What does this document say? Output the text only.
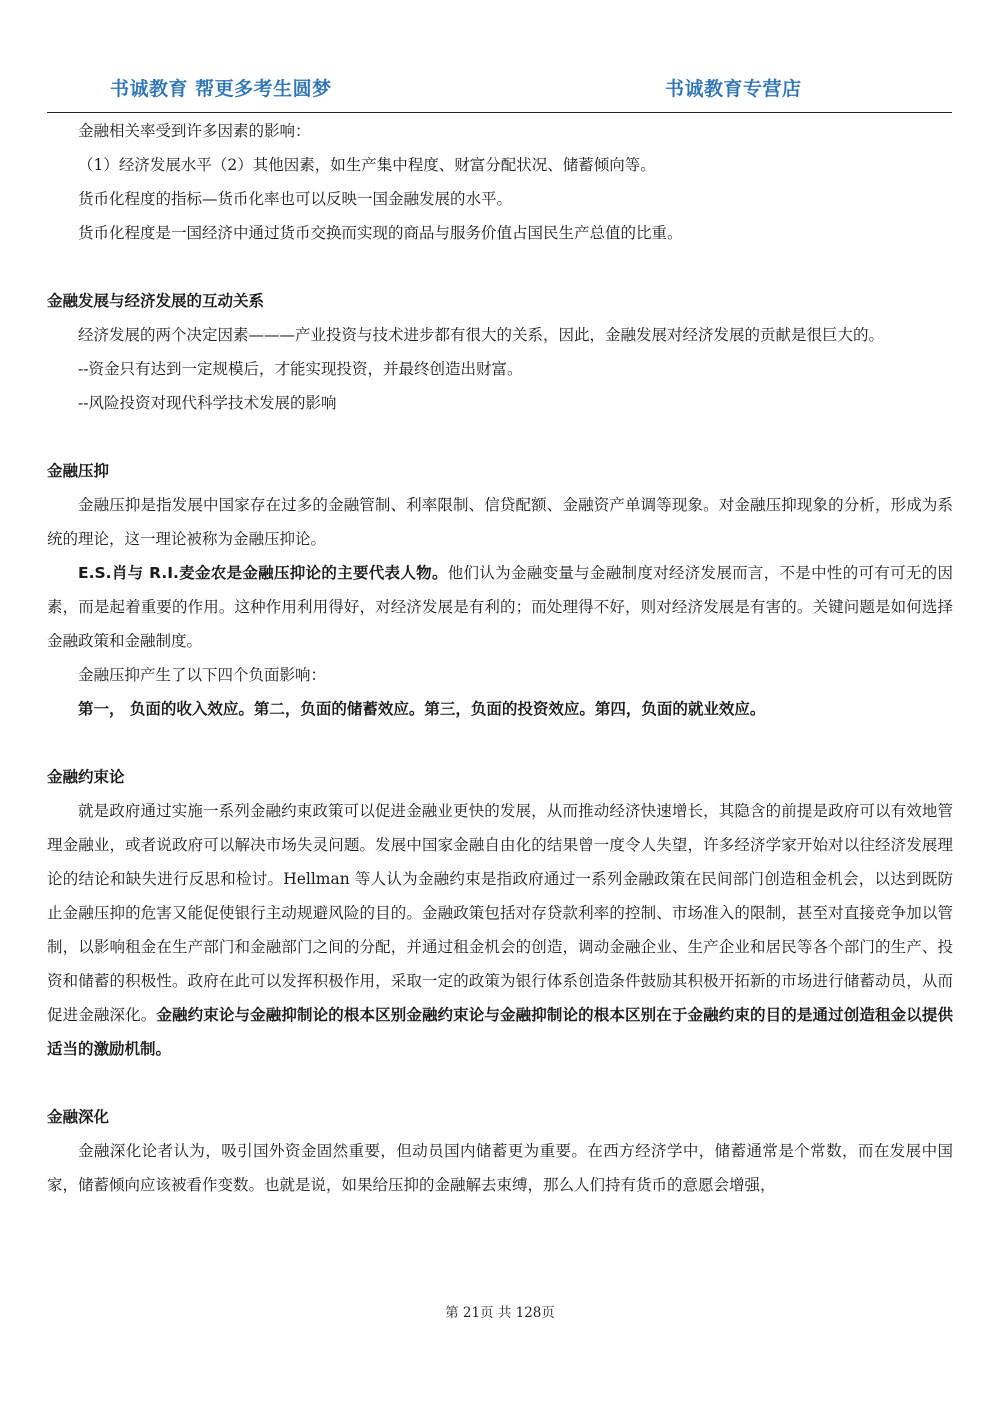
书诚教育 帮更多考生圆梦	书诚教育专营店

金融相关率受到许多因素的影响：

（1）经济发展水平（2）其他因素，如生产集中程度、财富分配状况、储蓄倾向等。

货币化程度的指标—货币化率也可以反映一国金融发展的水平。

货币化程度是一国经济中通过货币交换而实现的商品与服务价值占国民生产总值的比重。

金融发展与经济发展的互动关系

经济发展的两个决定因素———产业投资与技术进步都有很大的关系，因此，金融发展对经济发展的贡献是很巨大的。

--资金只有达到一定规模后，才能实现投资，并最终创造出财富。

--风险投资对现代科学技术发展的影响

金融压抑

金融压抑是指发展中国家存在过多的金融管制、利率限制、信贷配额、金融资产单调等现象。对金融压抑现象的分析，形成为系统的理论，这一理论被称为金融压抑论。

E.S.肖与 R.I.麦金农是金融压抑论的主要代表人物。他们认为金融变量与金融制度对经济发展而言，不是中性的可有可无的因素，而是起着重要的作用。这种作用利用得好，对经济发展是有利的；而处理得不好，则对经济发展是有害的。关键问题是如何选择金融政策和金融制度。

金融压抑产生了以下四个负面影响：

第一， 负面的收入效应。第二，负面的储蓄效应。第三，负面的投资效应。第四，负面的就业效应。

金融约束论

就是政府通过实施一系列金融约束政策可以促进金融业更快的发展，从而推动经济快速增长，其隐含的前提是政府可以有效地管理金融业，或者说政府可以解决市场失灵问题。发展中国家金融自由化的结果曾一度令人失望，许多经济学家开始对以往经济发展理论的结论和缺失进行反思和检讨。Hellman 等人认为金融约束是指政府通过一系列金融政策在民间部门创造租金机会，以达到既防止金融压抑的危害又能促使银行主动规避风险的目的。金融政策包括对存贷款利率的控制、市场准入的限制，甚至对直接竞争加以管制，以影响租金在生产部门和金融部门之间的分配，并通过租金机会的创造，调动金融企业、生产企业和居民等各个部门的生产、投资和储蓄的积极性。政府在此可以发挥积极作用，采取一定的政策为银行体系创造条件鼓励其积极开拓新的市场进行储蓄动员，从而促进金融深化。金融约束论与金融抑制论的根本区别金融约束论与金融抑制论的根本区别在于金融约束的目的是通过创造租金以提供适当的激励机制。

金融深化

金融深化论者认为，吸引国外资金固然重要，但动员国内储蓄更为重要。在西方经济学中，储蓄通常是个常数，而在发展中国家，储蓄倾向应该被看作变数。也就是说，如果给压抑的金融解去束缚，那么人们持有货币的意愿会增强，

第 21页 共 128页
